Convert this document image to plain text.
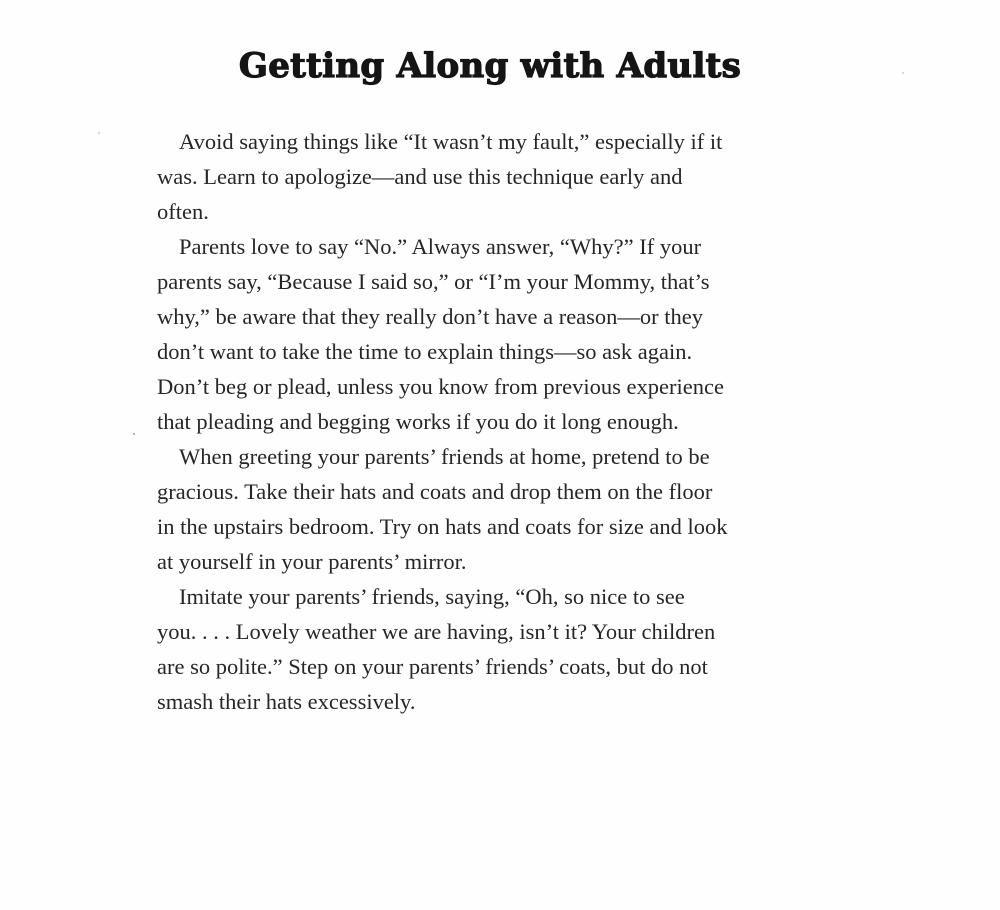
Getting Along with Adults

Avoid saying things like “It wasn’t my fault,” especially if it
was. Learn to apologize—and use this technique early and
often.

Parents love to say “No.” Always answer, “Why?” If your
parents say, “Because I said so,” or “I’m your Mommy, that’s
why,” be aware that they really don’t have a reason—or they
don’t want to take the time to explain things—so ask again.
Don’t beg or plead, unless you know from previous experience
that pleading and begging works if you do it long enough.

When greeting your parents’ friends at home, pretend to be
gracious. Take their hats and coats and drop them on the floor
in the upstairs bedroom. Try on hats and coats for size and look
at yourself in your parents’ mirror.

Imitate your parents’ friends, saying, “Oh, so nice to see
you. . . . Lovely weather we are having, isn’t it? Your children
are so polite.” Step on your parents’ friends’ coats, but do not
smash their hats excessively.
